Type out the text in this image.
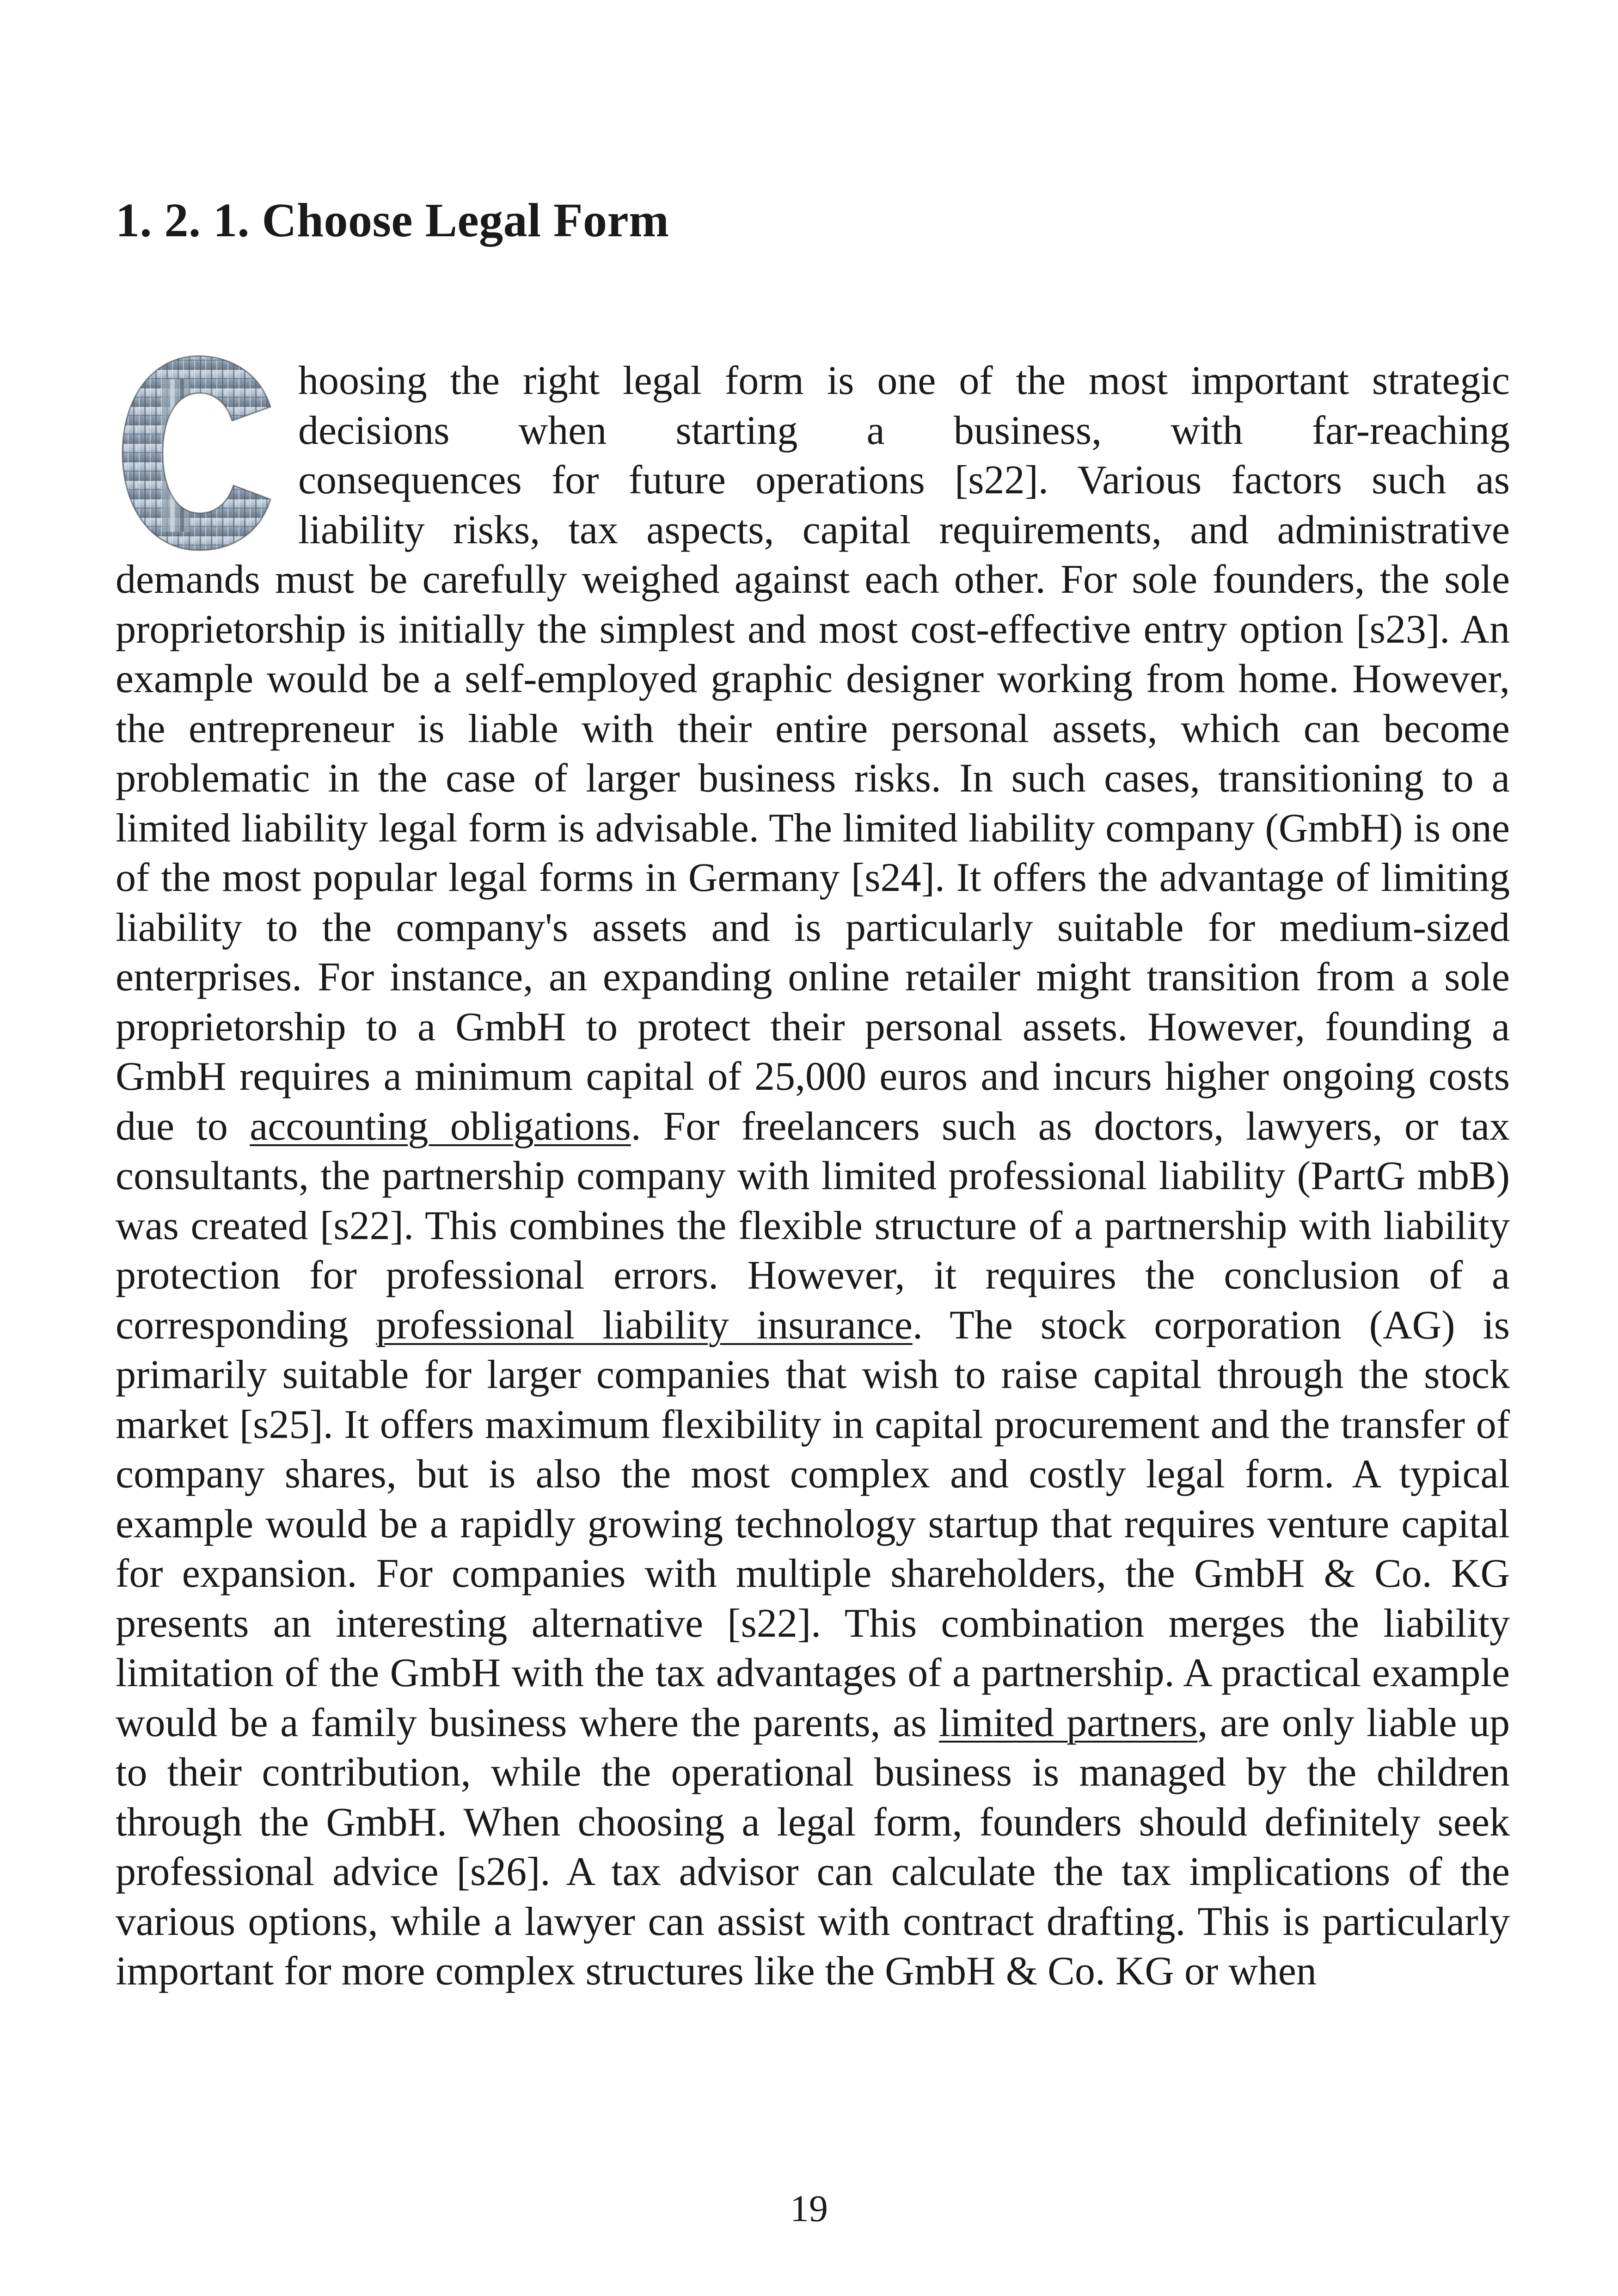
1. 2. 1. Choose Legal Form
hoosing the right legal form is one of the most important strategic
decisions when starting a business, with far-reaching
consequences for future operations [s22]. Various factors such as
liability risks, tax aspects, capital requirements, and administrative
demands must be carefully weighed against each other. For sole founders, the sole proprietorship is initially the simplest and most cost-effective entry option [s23]. An example would be a self-employed graphic designer working from home. However, the entrepreneur is liable with their entire personal assets, which can become problematic in the case of larger business risks. In such cases, transitioning to a limited liability legal form is advisable. The limited liability company (GmbH) is one of the most popular legal forms in Germany [s24]. It offers the advantage of limiting liability to the company's assets and is particularly suitable for medium-sized enterprises. For instance, an expanding online retailer might transition from a sole proprietorship to a GmbH to protect their personal assets. However, founding a GmbH requires a minimum capital of 25,000 euros and incurs higher ongoing costs due to accounting obligations. For freelancers such as doctors, lawyers, or tax consultants, the partnership company with limited professional liability (PartG mbB) was created [s22]. This combines the flexible structure of a partnership with liability protection for professional errors. However, it requires the conclusion of a corresponding professional liability insurance. The stock corporation (AG) is primarily suitable for larger companies that wish to raise capital through the stock market [s25]. It offers maximum flexibility in capital procurement and the transfer of company shares, but is also the most complex and costly legal form. A typical example would be a rapidly growing technology startup that requires venture capital for expansion. For companies with multiple shareholders, the GmbH & Co. KG presents an interesting alternative [s22]. This combination merges the liability limitation of the GmbH with the tax advantages of a partnership. A practical example would be a family business where the parents, as limited partners, are only liable up to their contribution, while the operational business is managed by the children through the GmbH. When choosing a legal form, founders should definitely seek professional advice [s26]. A tax advisor can calculate the tax implications of the various options, while a lawyer can assist with contract drafting. This is particularly important for more complex structures like the GmbH & Co. KG or when

19
